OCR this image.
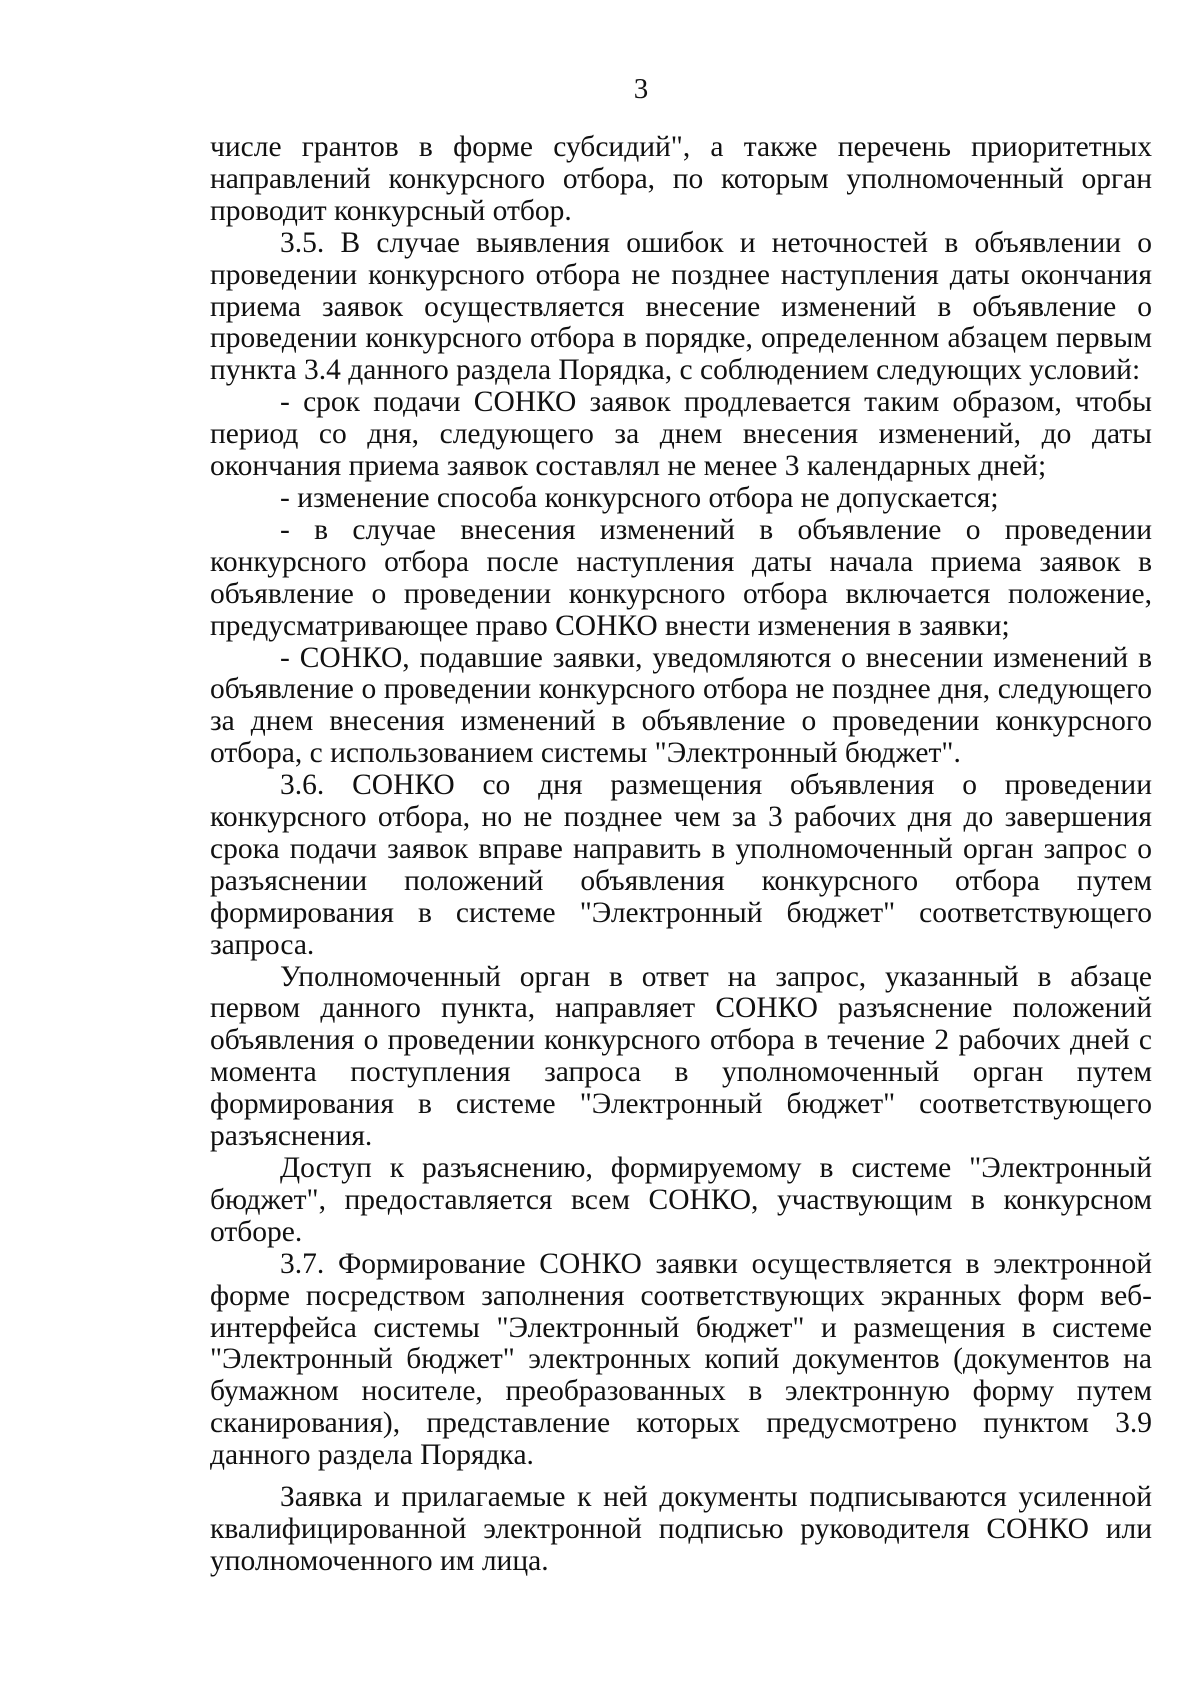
3

числе грантов в форме субсидий", а также перечень приоритетных направлений конкурсного отбора, по которым уполномоченный орган проводит конкурсный отбор.

3.5. В случае выявления ошибок и неточностей в объявлении о проведении конкурсного отбора не позднее наступления даты окончания приема заявок осуществляется внесение изменений в объявление о проведении конкурсного отбора в порядке, определенном абзацем первым пункта 3.4 данного раздела Порядка, с соблюдением следующих условий:

- срок подачи СОНКО заявок продлевается таким образом, чтобы период со дня, следующего за днем внесения изменений, до даты окончания приема заявок составлял не менее 3 календарных дней;

- изменение способа конкурсного отбора не допускается;

- в случае внесения изменений в объявление о проведении конкурсного отбора после наступления даты начала приема заявок в объявление о проведении конкурсного отбора включается положение, предусматривающее право СОНКО внести изменения в заявки;

- СОНКО, подавшие заявки, уведомляются о внесении изменений в объявление о проведении конкурсного отбора не позднее дня, следующего за днем внесения изменений в объявление о проведении конкурсного отбора, с использованием системы "Электронный бюджет".

3.6. СОНКО со дня размещения объявления о проведении конкурсного отбора, но не позднее чем за 3 рабочих дня до завершения срока подачи заявок вправе направить в уполномоченный орган запрос о разъяснении положений объявления конкурсного отбора путем формирования в системе "Электронный бюджет" соответствующего запроса.

Уполномоченный орган в ответ на запрос, указанный в абзаце первом данного пункта, направляет СОНКО разъяснение положений объявления о проведении конкурсного отбора в течение 2 рабочих дней с момента поступления запроса в уполномоченный орган путем формирования в системе "Электронный бюджет" соответствующего разъяснения.

Доступ к разъяснению, формируемому в системе "Электронный бюджет", предоставляется всем СОНКО, участвующим в конкурсном отборе.

3.7. Формирование СОНКО заявки осуществляется в электронной форме посредством заполнения соответствующих экранных форм веб-интерфейса системы "Электронный бюджет" и размещения в системе "Электронный бюджет" электронных копий документов (документов на бумажном носителе, преобразованных в электронную форму путем сканирования), представление которых предусмотрено пунктом 3.9 данного раздела Порядка.

Заявка и прилагаемые к ней документы подписываются усиленной квалифицированной электронной подписью руководителя СОНКО или уполномоченного им лица.
